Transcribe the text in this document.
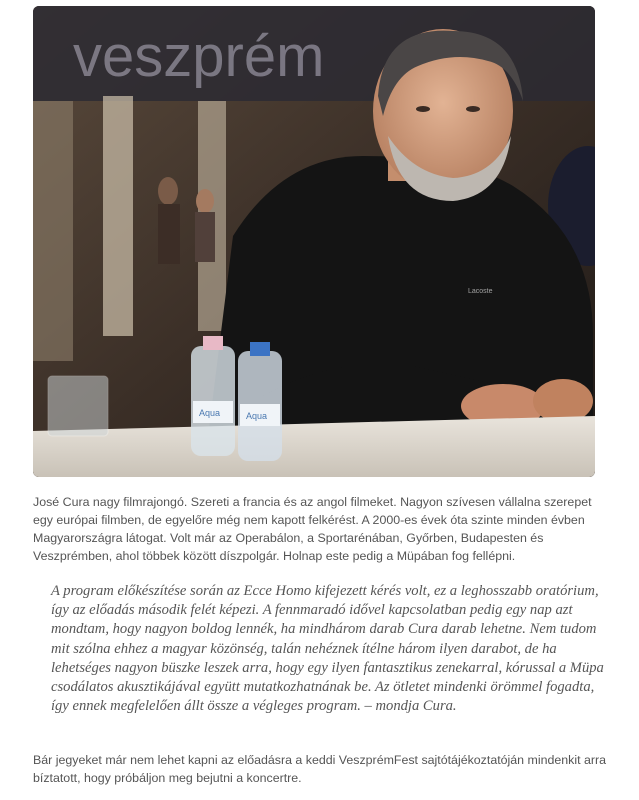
veszprém
Lacoste
Aqua	Aqua

José Cura nagy filmrajongó. Szereti a francia és az angol filmeket. Nagyon szívesen vállalna szerepet egy európai filmben, de egyelőre még nem kapott felkérést. A 2000-es évek óta szinte minden évben Magyarországra látogat. Volt már az Operabálon, a Sportarénában, Győrben, Budapesten és Veszprémben, ahol többek között díszpolgár. Holnap este pedig a Müpában fog fellépni.

A program előkészítése során az Ecce Homo kifejezett kérés volt, ez a leghosszabb oratórium, így az előadás második felét képezi. A fennmaradó idővel kapcsolatban pedig egy nap azt mondtam, hogy nagyon boldog lennék, ha mindhárom darab Cura darab lehetne. Nem tudom mit szólna ehhez a magyar közönség, talán nehéznek ítélne három ilyen darabot, de ha lehetséges nagyon büszke leszek arra, hogy egy ilyen fantasztikus zenekarral, kórussal a Müpa csodálatos akusztikájával együtt mutatkozhatnának be. Az ötletet mindenki örömmel fogadta, így ennek megfelelően állt össze a végleges program. – mondja Cura.

Bár jegyeket már nem lehet kapni az előadásra a keddi VeszprémFest sajtótájékoztatóján mindenkit arra bíztatott, hogy próbáljon meg bejutni a koncertre.
